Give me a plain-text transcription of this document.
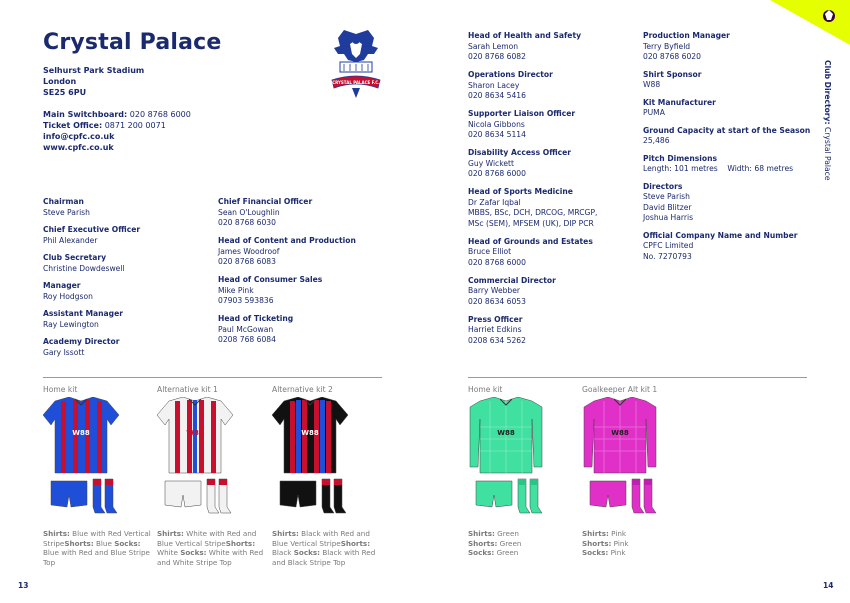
Crystal Palace
Selhurst Park Stadium
London
SE25 6PU
Main Switchboard: 020 8768 6000
Ticket Office: 0871 200 0071
info@cpfc.co.uk
www.cpfc.co.uk
CRYSTAL PALACE F.C.
Chairman
Steve Parish
Chief Executive Officer
Phil Alexander
Club Secretary
Christine Dowdeswell
Manager
Roy Hodgson
Assistant Manager
Ray Lewington
Academy Director
Gary Issott
Chief Financial Officer
Sean O'Loughlin
020 8768 6030
Head of Content and Production
James Woodroof
020 8768 6083
Head of Consumer Sales
Mike Pink
07903 593836
Head of Ticketing
Paul McGowan
0208 768 6084
Head of Health and Safety
Sarah Lemon
020 8768 6082
Operations Director
Sharon Lacey
020 8634 5416
Supporter Liaison Officer
Nicola Gibbons
020 8634 5114
Disability Access Officer
Guy Wickett
020 8768 6000
Head of Sports Medicine
Dr Zafar Iqbal
MBBS, BSc, DCH, DRCOG, MRCGP,
MSc (SEM), MFSEM (UK), DIP PCR
Head of Grounds and Estates
Bruce Elliot
020 8768 6000
Commercial Director
Barry Webber
020 8634 6053
Press Officer
Harriet Edkins
0208 634 5262
Production Manager
Terry Byfield
020 8768 6020
Shirt Sponsor
W88
Kit Manufacturer
PUMA
Ground Capacity at start of the Season
25,486
Pitch Dimensions
Length: 101 metres    Width: 68 metres
Directors
Steve Parish
David Blitzer
Joshua Harris
Official Company Name and Number
CPFC Limited
No. 7270793
Home kit
W88
Shirts: Blue with Red Vertical StripeShorts: Blue Socks: Blue with Red and Blue Stripe Top
Alternative kit 1
W88
Shirts: White with Red and Blue Vertical StripeShorts: White Socks: White with Red and White Stripe Top
Alternative kit 2
W88
Shirts: Black with Red and Blue Vertical StripeShorts: Black Socks: Black with Red and Black Stripe Top
Home kit
W88
Shirts: Green
Shorts: Green
Socks: Green

Goalkeeper Alt kit 1
W88
Shirts: Pink
Shorts: Pink
Socks: Pink

13	14
Club Directory: Crystal Palace
